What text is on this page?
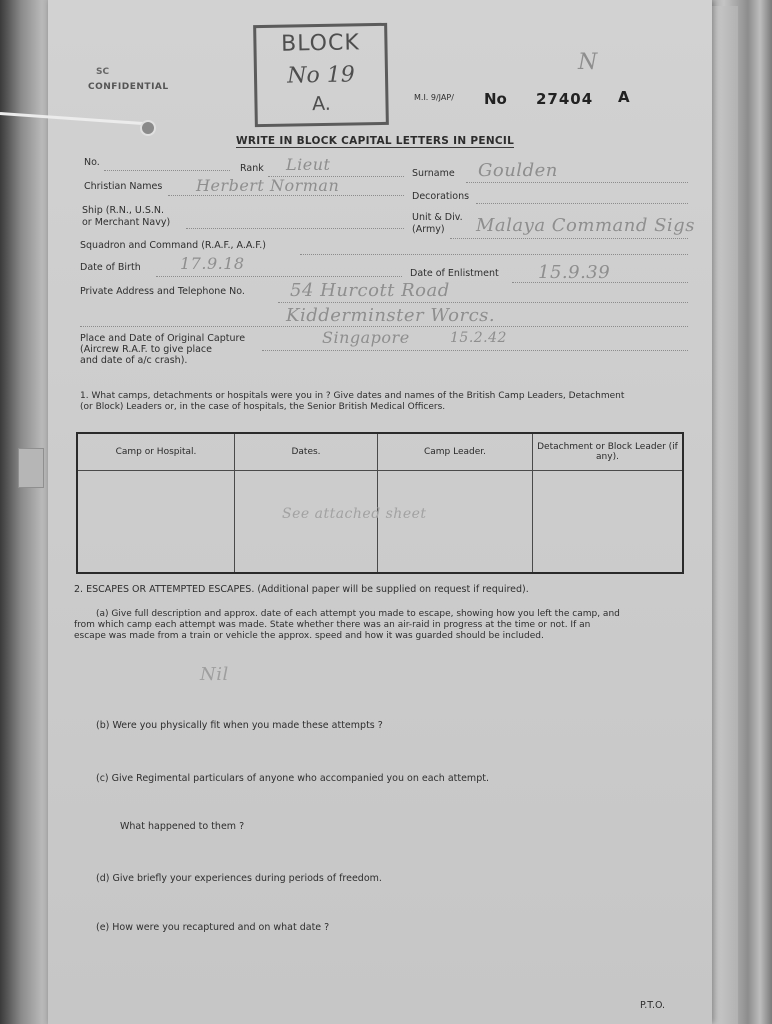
SC
CONFIDENTIAL
BLOCK
No 19
A.
N
M.I. 9/JAP/ No 27404 A
WRITE IN BLOCK CAPITAL LETTERS IN PENCIL
No.
Rank Lieut	Surname Goulden
Christian Names Herbert Norman
Decorations
Ship (R.N., U.S.N.
or Merchant Navy)	Unit & Div.
(Army) Malaya Command Sigs
Squadron and Command (R.A.F., A.A.F.)
Date of Birth 17.9.18
Date of Enlistment 15.9.39
Private Address and Telephone No.	54 Hurcott Road
Kidderminster Worcs.
Place and Date of Original Capture
(Aircrew R.A.F. to give place
and date of a/c crash).
Singapore	15.2.42
1. What camps, detachments or hospitals were you in ? Give dates and names of the British Camp Leaders, Detachment
(or Block) Leaders or, in the case of hospitals, the Senior British Medical Officers.
Camp or Hospital.	Dates.	Camp Leader.	Detachment or Block Leader (if any).

See attached sheet
2. ESCAPES OR ATTEMPTED ESCAPES. (Additional paper will be supplied on request if required).
(a) Give full description and approx. date of each attempt you made to escape, showing how you left the camp, and
from which camp each attempt was made. State whether there was an air-raid in progress at the time or not. If an
escape was made from a train or vehicle the approx. speed and how it was guarded should be included.
Nil
(b) Were you physically fit when you made these attempts ?
(c) Give Regimental particulars of anyone who accompanied you on each attempt.
What happened to them ?
(d) Give briefly your experiences during periods of freedom.
(e) How were you recaptured and on what date ?
P.T.O.
